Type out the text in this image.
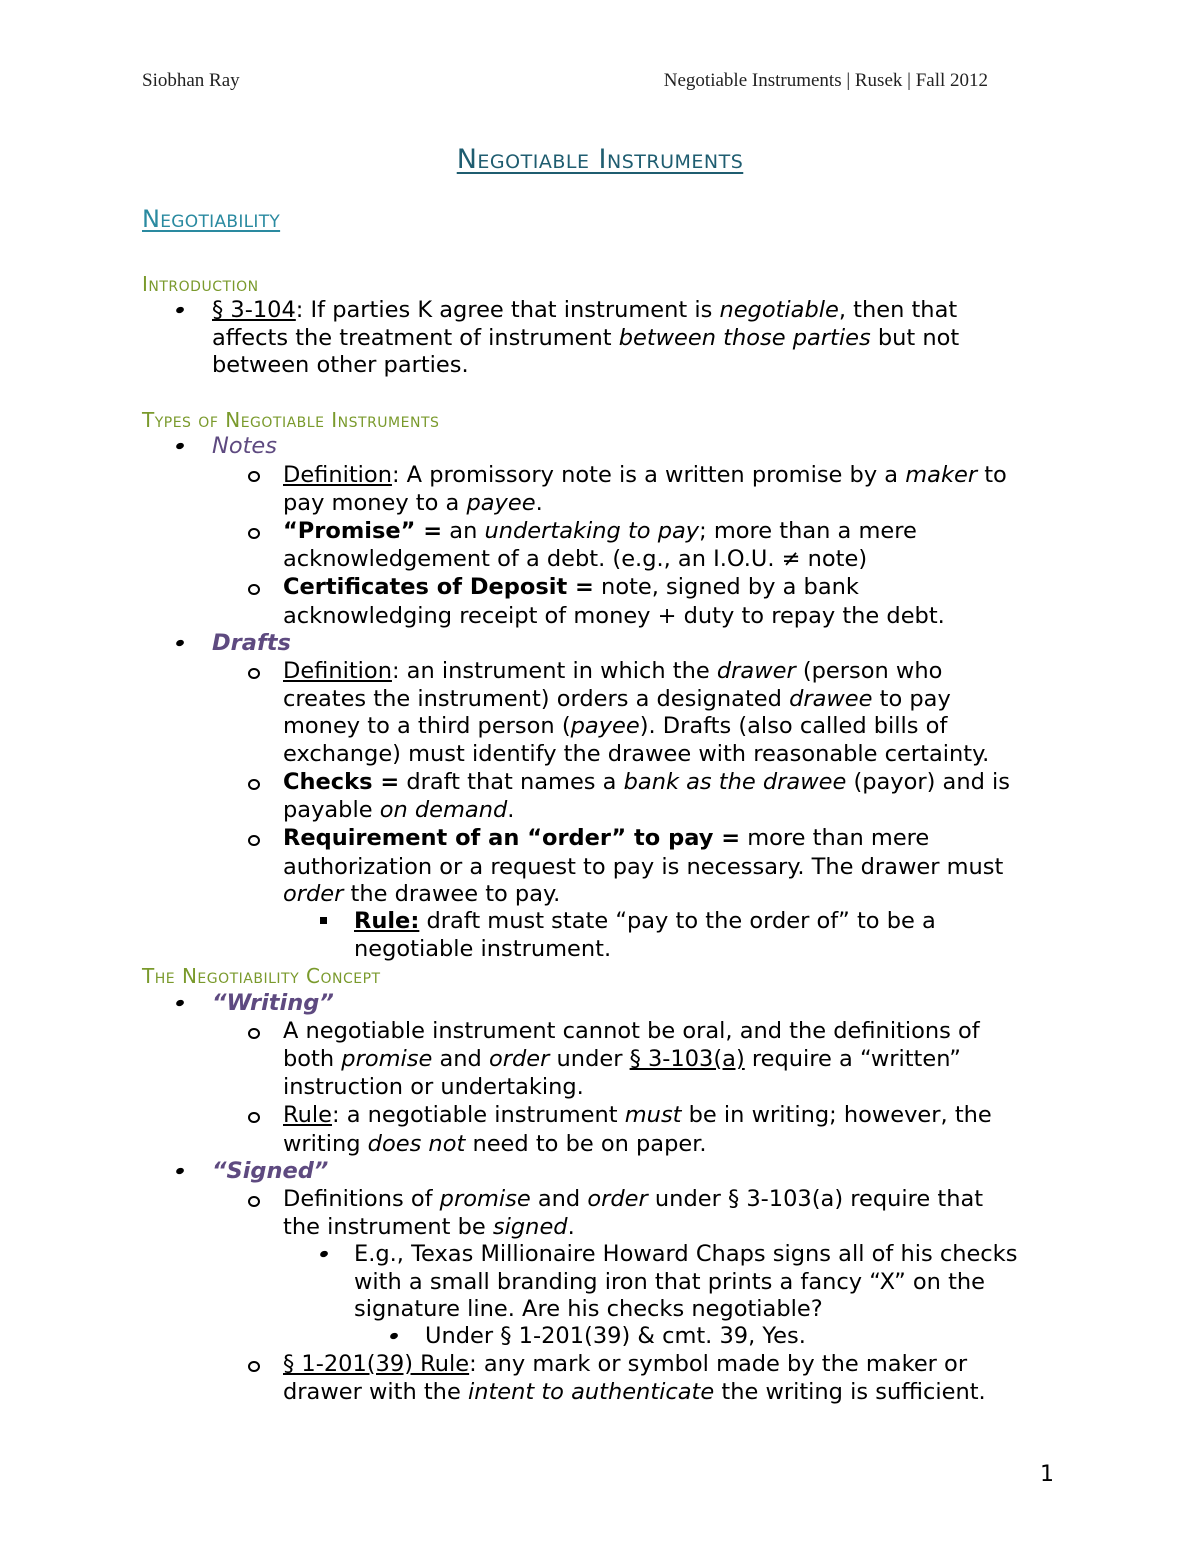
Siobhan Ray	Negotiable Instruments | Rusek | Fall 2012
Negotiable Instruments
Negotiability
Introduction
§ 3-104: If parties K agree that instrument is negotiable, then that
affects the treatment of instrument between those parties but not
between other parties.
Types of Negotiable Instruments
Notes
Definition: A promissory note is a written promise by a maker to
pay money to a payee.
“Promise” = an undertaking to pay; more than a mere
acknowledgement of a debt. (e.g., an I.O.U. ≠ note)
Certificates of Deposit = note, signed by a bank
acknowledging receipt of money + duty to repay the debt.
Drafts
Definition: an instrument in which the drawer (person who
creates the instrument) orders a designated drawee to pay
money to a third person (payee). Drafts (also called bills of
exchange) must identify the drawee with reasonable certainty.
Checks = draft that names a bank as the drawee (payor) and is
payable on demand.
Requirement of an “order” to pay = more than mere
authorization or a request to pay is necessary. The drawer must
order the drawee to pay.
Rule: draft must state “pay to the order of” to be a
negotiable instrument.
The Negotiability Concept
“Writing”
A negotiable instrument cannot be oral, and the definitions of
both promise and order under § 3-103(a) require a “written”
instruction or undertaking.
Rule: a negotiable instrument must be in writing; however, the
writing does not need to be on paper.
“Signed”
Definitions of promise and order under § 3-103(a) require that
the instrument be signed.
E.g., Texas Millionaire Howard Chaps signs all of his checks
with a small branding iron that prints a fancy “X” on the
signature line. Are his checks negotiable?
Under § 1-201(39) & cmt. 39, Yes.
§ 1-201(39) Rule: any mark or symbol made by the maker or
drawer with the intent to authenticate the writing is sufficient.
1
